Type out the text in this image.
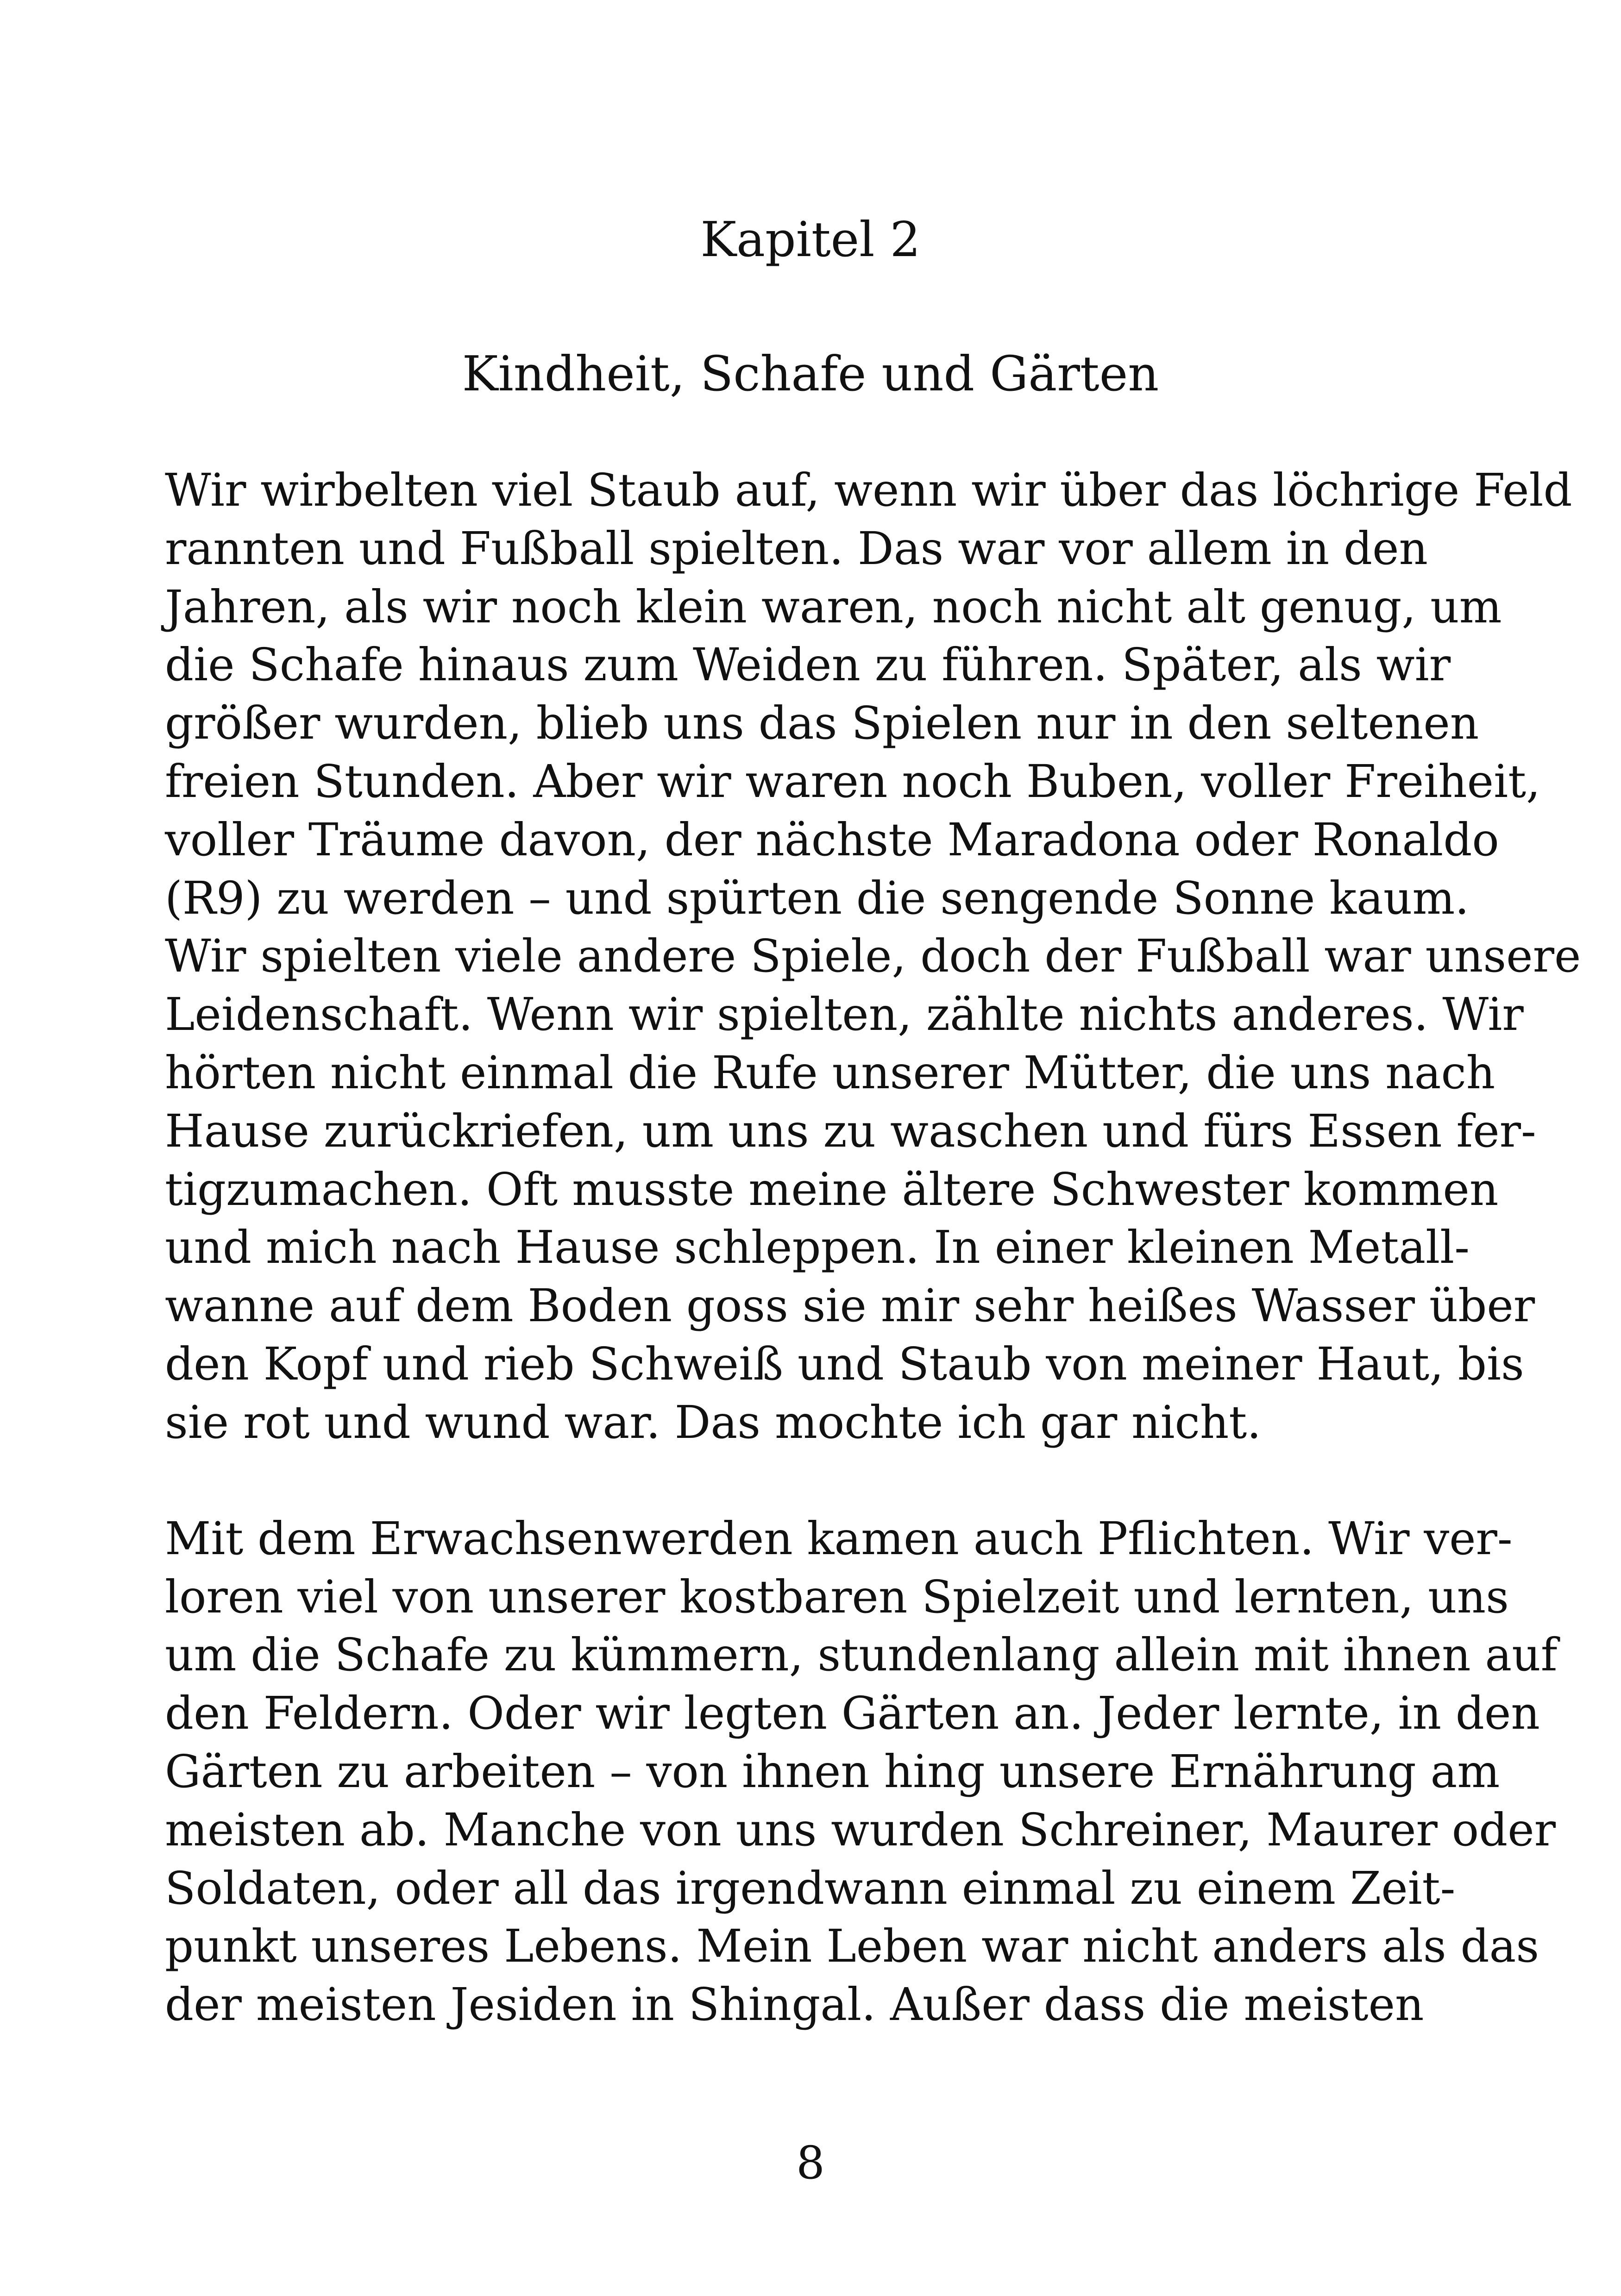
Kapitel 2
Kindheit, Schafe und Gärten
Wir wirbelten viel Staub auf, wenn wir über das löchrige Feld
rannten und Fußball spielten. Das war vor allem in den
Jahren, als wir noch klein waren, noch nicht alt genug, um
die Schafe hinaus zum Weiden zu führen. Später, als wir
größer wurden, blieb uns das Spielen nur in den seltenen
freien Stunden. Aber wir waren noch Buben, voller Freiheit,
voller Träume davon, der nächste Maradona oder Ronaldo
(R9) zu werden – und spürten die sengende Sonne kaum.
Wir spielten viele andere Spiele, doch der Fußball war unsere
Leidenschaft. Wenn wir spielten, zählte nichts anderes. Wir
hörten nicht einmal die Rufe unserer Mütter, die uns nach
Hause zurückriefen, um uns zu waschen und fürs Essen fer-
tigzumachen. Oft musste meine ältere Schwester kommen
und mich nach Hause schleppen. In einer kleinen Metall-
wanne auf dem Boden goss sie mir sehr heißes Wasser über
den Kopf und rieb Schweiß und Staub von meiner Haut, bis
sie rot und wund war. Das mochte ich gar nicht.
Mit dem Erwachsenwerden kamen auch Pflichten. Wir ver-
loren viel von unserer kostbaren Spielzeit und lernten, uns
um die Schafe zu kümmern, stundenlang allein mit ihnen auf
den Feldern. Oder wir legten Gärten an. Jeder lernte, in den
Gärten zu arbeiten – von ihnen hing unsere Ernährung am
meisten ab. Manche von uns wurden Schreiner, Maurer oder
Soldaten, oder all das irgendwann einmal zu einem Zeit-
punkt unseres Lebens. Mein Leben war nicht anders als das
der meisten Jesiden in Shingal. Außer dass die meisten
8
